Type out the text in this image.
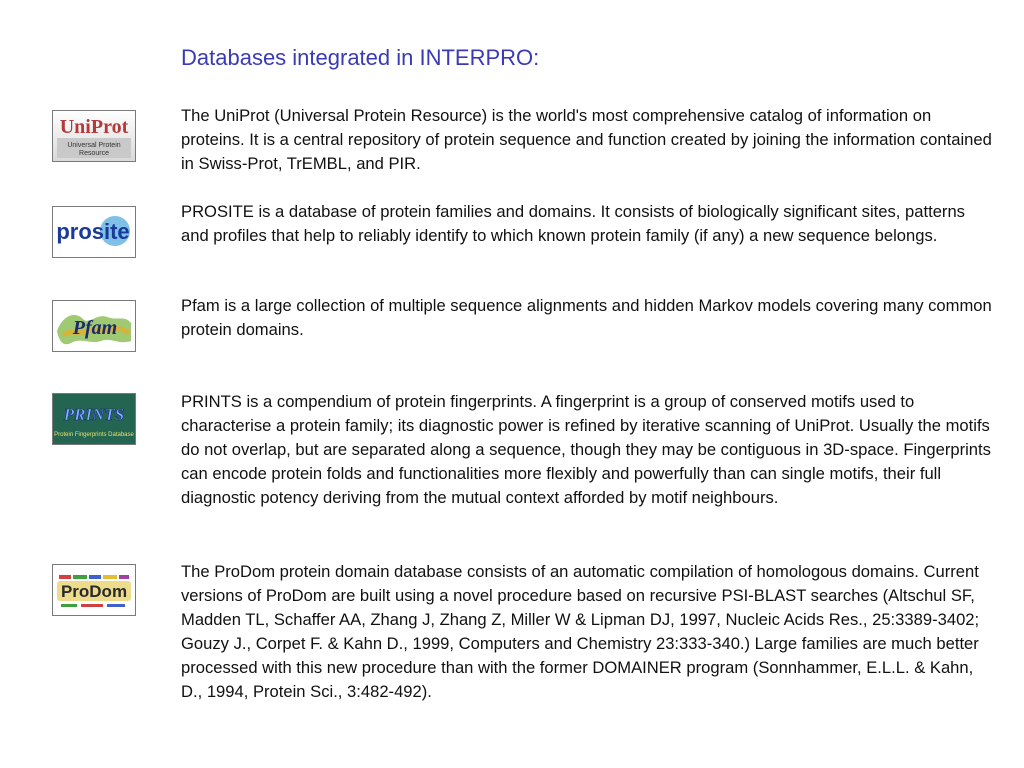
Databases integrated in INTERPRO:
UniProt
Universal Protein
Resource
The UniProt (Universal Protein Resource) is the world's most comprehensive catalog of information on proteins. It is a central repository of protein sequence and function created by joining the information contained in Swiss-Prot, TrEMBL, and PIR.
prosite
PROSITE is a database of protein families and domains. It consists of biologically significant sites, patterns and profiles that help to reliably identify to which known protein family (if any) a new sequence belongs.
Pfam
Pfam is a large collection of multiple sequence alignments and hidden Markov models covering many common protein domains.
PRINTS
Protein Fingerprints Database
PRINTS is a compendium of protein fingerprints. A fingerprint is a group of conserved motifs used to characterise a protein family; its diagnostic power is refined by iterative scanning of UniProt. Usually the motifs do not overlap, but are separated along a sequence, though they may be contiguous in 3D-space. Fingerprints can encode protein folds and functionalities more flexibly and powerfully than can single motifs, their full diagnostic potency deriving from the mutual context afforded by motif neighbours.
ProDom
The ProDom protein domain database consists of an automatic compilation of homologous domains. Current versions of ProDom are built using a novel procedure based on recursive PSI-BLAST searches (Altschul SF, Madden TL, Schaffer AA, Zhang J, Zhang Z, Miller W & Lipman DJ, 1997, Nucleic Acids Res., 25:3389-3402; Gouzy J., Corpet F. & Kahn D., 1999, Computers and Chemistry 23:333-340.) Large families are much better processed with this new procedure than with the former DOMAINER program (Sonnhammer, E.L.L. & Kahn, D., 1994, Protein Sci., 3:482-492).
